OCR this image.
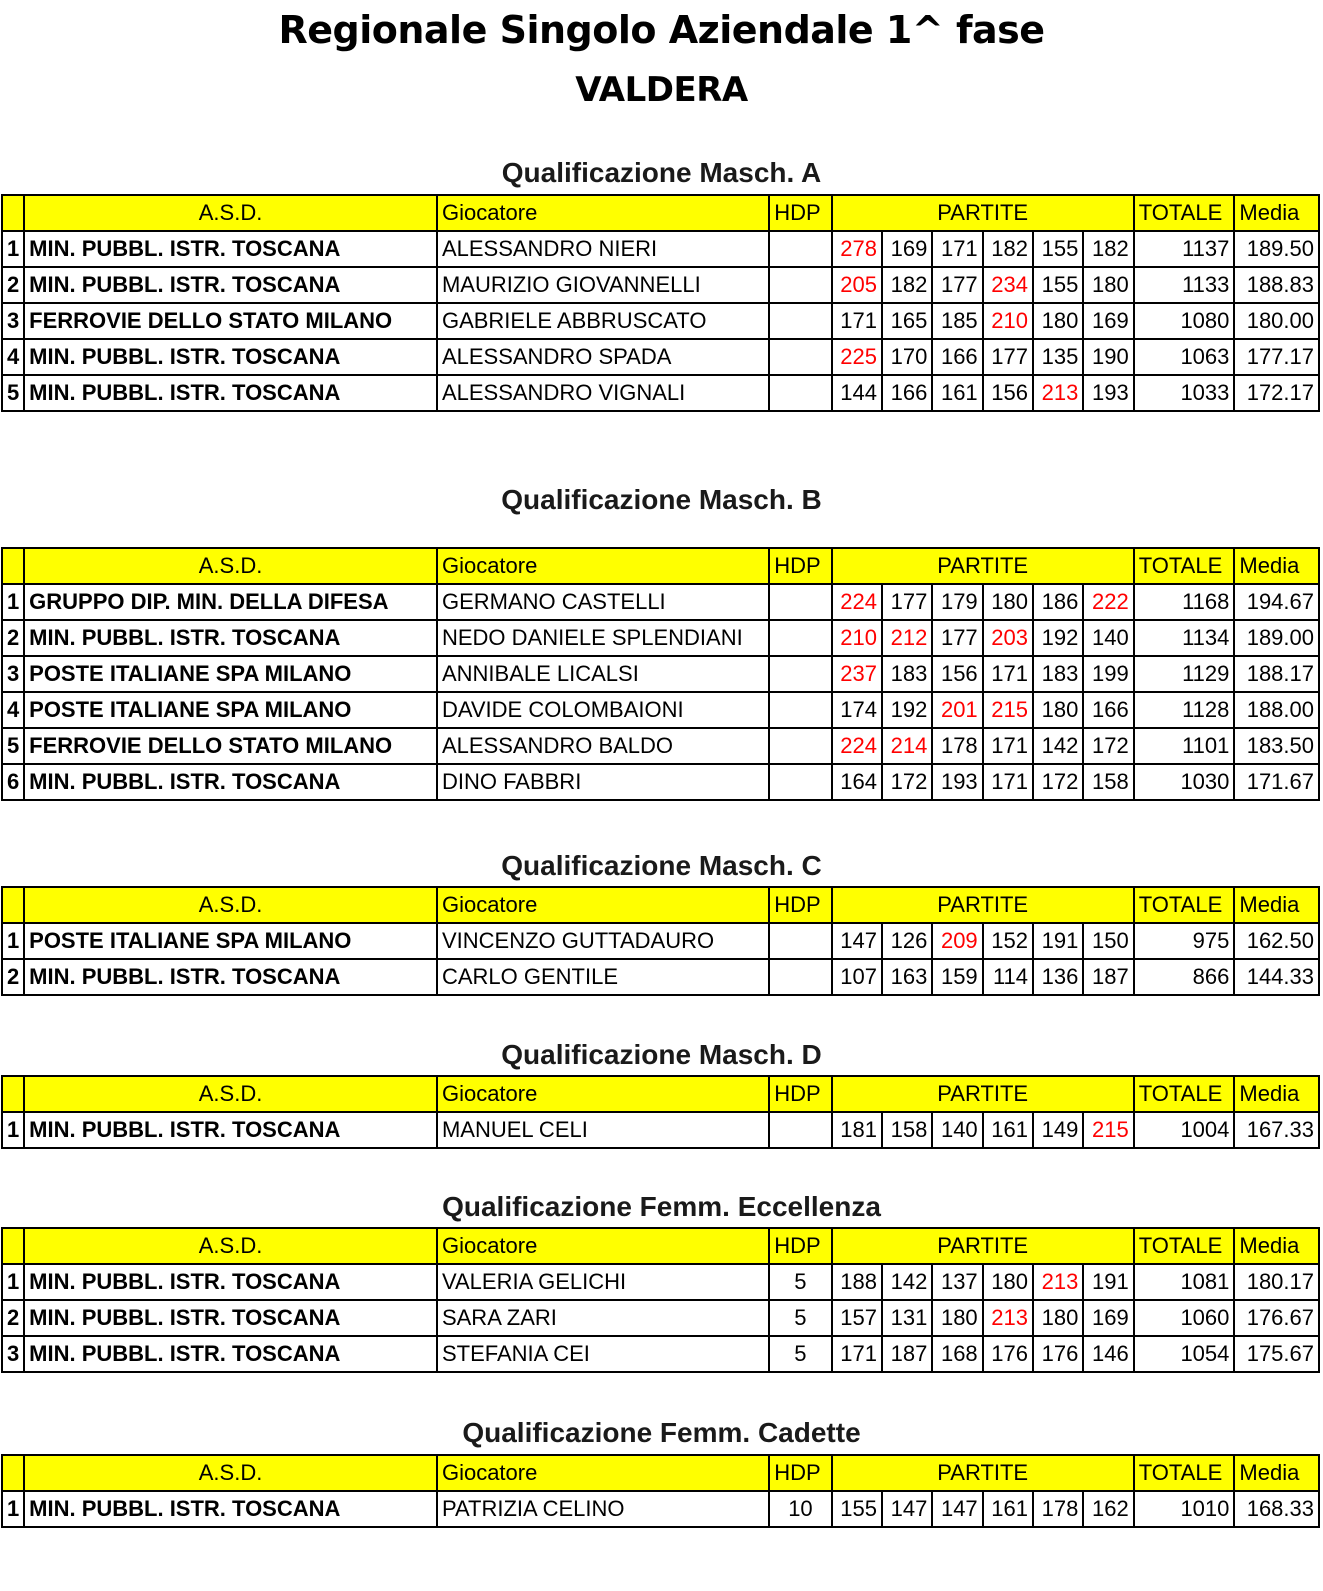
Regionale Singolo Aziendale 1^ fase
VALDERA
Qualificazione Masch. A
	A.S.D.	Giocatore	HDP	PARTITE						TOTALE	Media
1	MIN. PUBBL. ISTR. TOSCANA	ALESSANDRO NIERI		278	169	171	182	155	182	1137	189.50
2	MIN. PUBBL. ISTR. TOSCANA	MAURIZIO GIOVANNELLI		205	182	177	234	155	180	1133	188.83
3	FERROVIE DELLO STATO MILANO	GABRIELE ABBRUSCATO		171	165	185	210	180	169	1080	180.00
4	MIN. PUBBL. ISTR. TOSCANA	ALESSANDRO SPADA		225	170	166	177	135	190	1063	177.17
5	MIN. PUBBL. ISTR. TOSCANA	ALESSANDRO VIGNALI		144	166	161	156	213	193	1033	172.17
Qualificazione Masch. B
	A.S.D.	Giocatore	HDP	PARTITE						TOTALE	Media
1	GRUPPO DIP. MIN. DELLA DIFESA	GERMANO CASTELLI		224	177	179	180	186	222	1168	194.67
2	MIN. PUBBL. ISTR. TOSCANA	NEDO DANIELE SPLENDIANI		210	212	177	203	192	140	1134	189.00
3	POSTE ITALIANE SPA MILANO	ANNIBALE LICALSI		237	183	156	171	183	199	1129	188.17
4	POSTE ITALIANE SPA MILANO	DAVIDE COLOMBAIONI		174	192	201	215	180	166	1128	188.00
5	FERROVIE DELLO STATO MILANO	ALESSANDRO BALDO		224	214	178	171	142	172	1101	183.50
6	MIN. PUBBL. ISTR. TOSCANA	DINO FABBRI		164	172	193	171	172	158	1030	171.67
Qualificazione Masch. C
	A.S.D.	Giocatore	HDP	PARTITE						TOTALE	Media
1	POSTE ITALIANE SPA MILANO	VINCENZO GUTTADAURO		147	126	209	152	191	150	975	162.50
2	MIN. PUBBL. ISTR. TOSCANA	CARLO GENTILE		107	163	159	114	136	187	866	144.33
Qualificazione Masch. D
	A.S.D.	Giocatore	HDP	PARTITE						TOTALE	Media
1	MIN. PUBBL. ISTR. TOSCANA	MANUEL CELI		181	158	140	161	149	215	1004	167.33
Qualificazione Femm. Eccellenza
	A.S.D.	Giocatore	HDP	PARTITE						TOTALE	Media
1	MIN. PUBBL. ISTR. TOSCANA	VALERIA GELICHI	5	188	142	137	180	213	191	1081	180.17
2	MIN. PUBBL. ISTR. TOSCANA	SARA ZARI	5	157	131	180	213	180	169	1060	176.67
3	MIN. PUBBL. ISTR. TOSCANA	STEFANIA CEI	5	171	187	168	176	176	146	1054	175.67
Qualificazione Femm. Cadette
	A.S.D.	Giocatore	HDP	PARTITE						TOTALE	Media
1	MIN. PUBBL. ISTR. TOSCANA	PATRIZIA CELINO	10	155	147	147	161	178	162	1010	168.33
